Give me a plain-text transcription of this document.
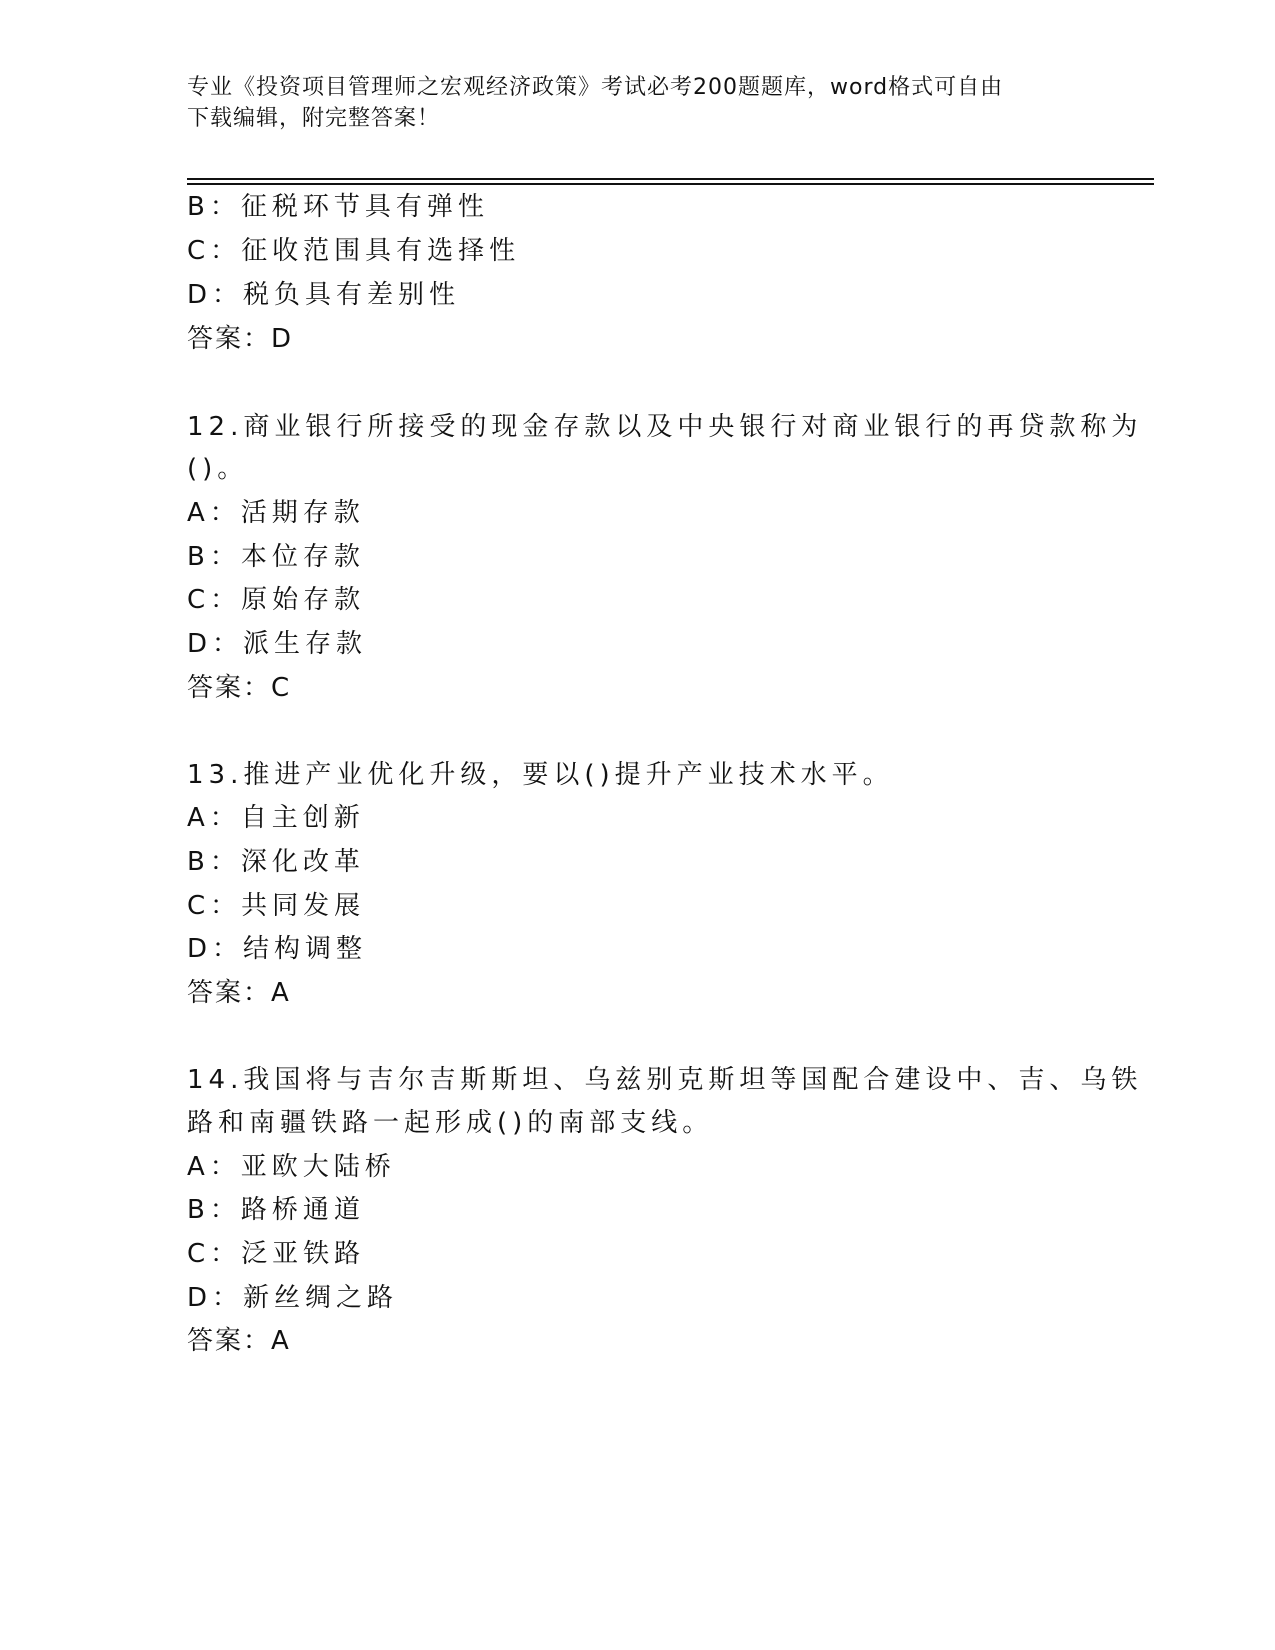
专业《投资项目管理师之宏观经济政策》考试必考200题题库，word格式可自由
下载编辑，附完整答案！
B：征税环节具有弹性
C：征收范围具有选择性
D：税负具有差别性
答案：D
12.商业银行所接受的现金存款以及中央银行对商业银行的再贷款称为
()。
A：活期存款
B：本位存款
C：原始存款
D：派生存款
答案：C
13.推进产业优化升级，要以()提升产业技术水平。
A：自主创新
B：深化改革
C：共同发展
D：结构调整
答案：A
14.我国将与吉尔吉斯斯坦、乌兹别克斯坦等国配合建设中、吉、乌铁
路和南疆铁路一起形成()的南部支线。
A：亚欧大陆桥
B：路桥通道
C：泛亚铁路
D：新丝绸之路
答案：A
